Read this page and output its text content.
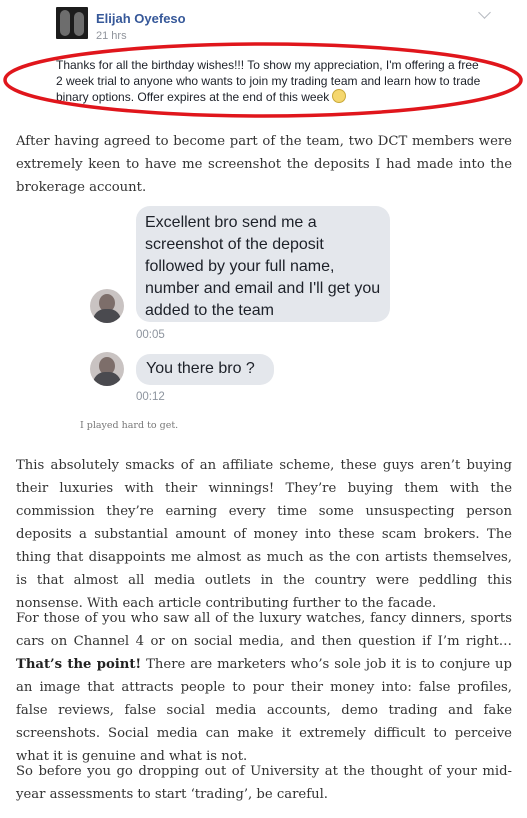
Elijah Oyefeso
21 hrs
Thanks for all the birthday wishes!!! To show my appreciation, I'm offering a free 2 week trial to anyone who wants to join my trading team and learn how to trade binary options. Offer expires at the end of this week

After having agreed to become part of the team, two DCT members were extremely keen to have me screenshot the deposits I had made into the brokerage account.

Excellent bro send me a screenshot of the deposit followed by your full name, number and email and I'll get you added to the team
00:05
You there bro ?
00:12
I played hard to get.

This absolutely smacks of an affiliate scheme, these guys aren’t buying their luxuries with their winnings! They’re buying them with the commission they’re earning every time some unsuspecting person deposits a substantial amount of money into these scam brokers. The thing that disappoints me almost as much as the con artists themselves, is that almost all media outlets in the country were peddling this nonsense. With each article contributing further to the facade.

For those of you who saw all of the luxury watches, fancy dinners, sports cars on Channel 4 or on social media, and then question if I’m right… That’s the point! There are marketers who’s sole job it is to conjure up an image that attracts people to pour their money into: false profiles, false reviews, false social media accounts, demo trading and fake screenshots. Social media can make it extremely difficult to perceive what it is genuine and what is not.

So before you go dropping out of University at the thought of your mid-year assessments to start ‘trading’, be careful.
